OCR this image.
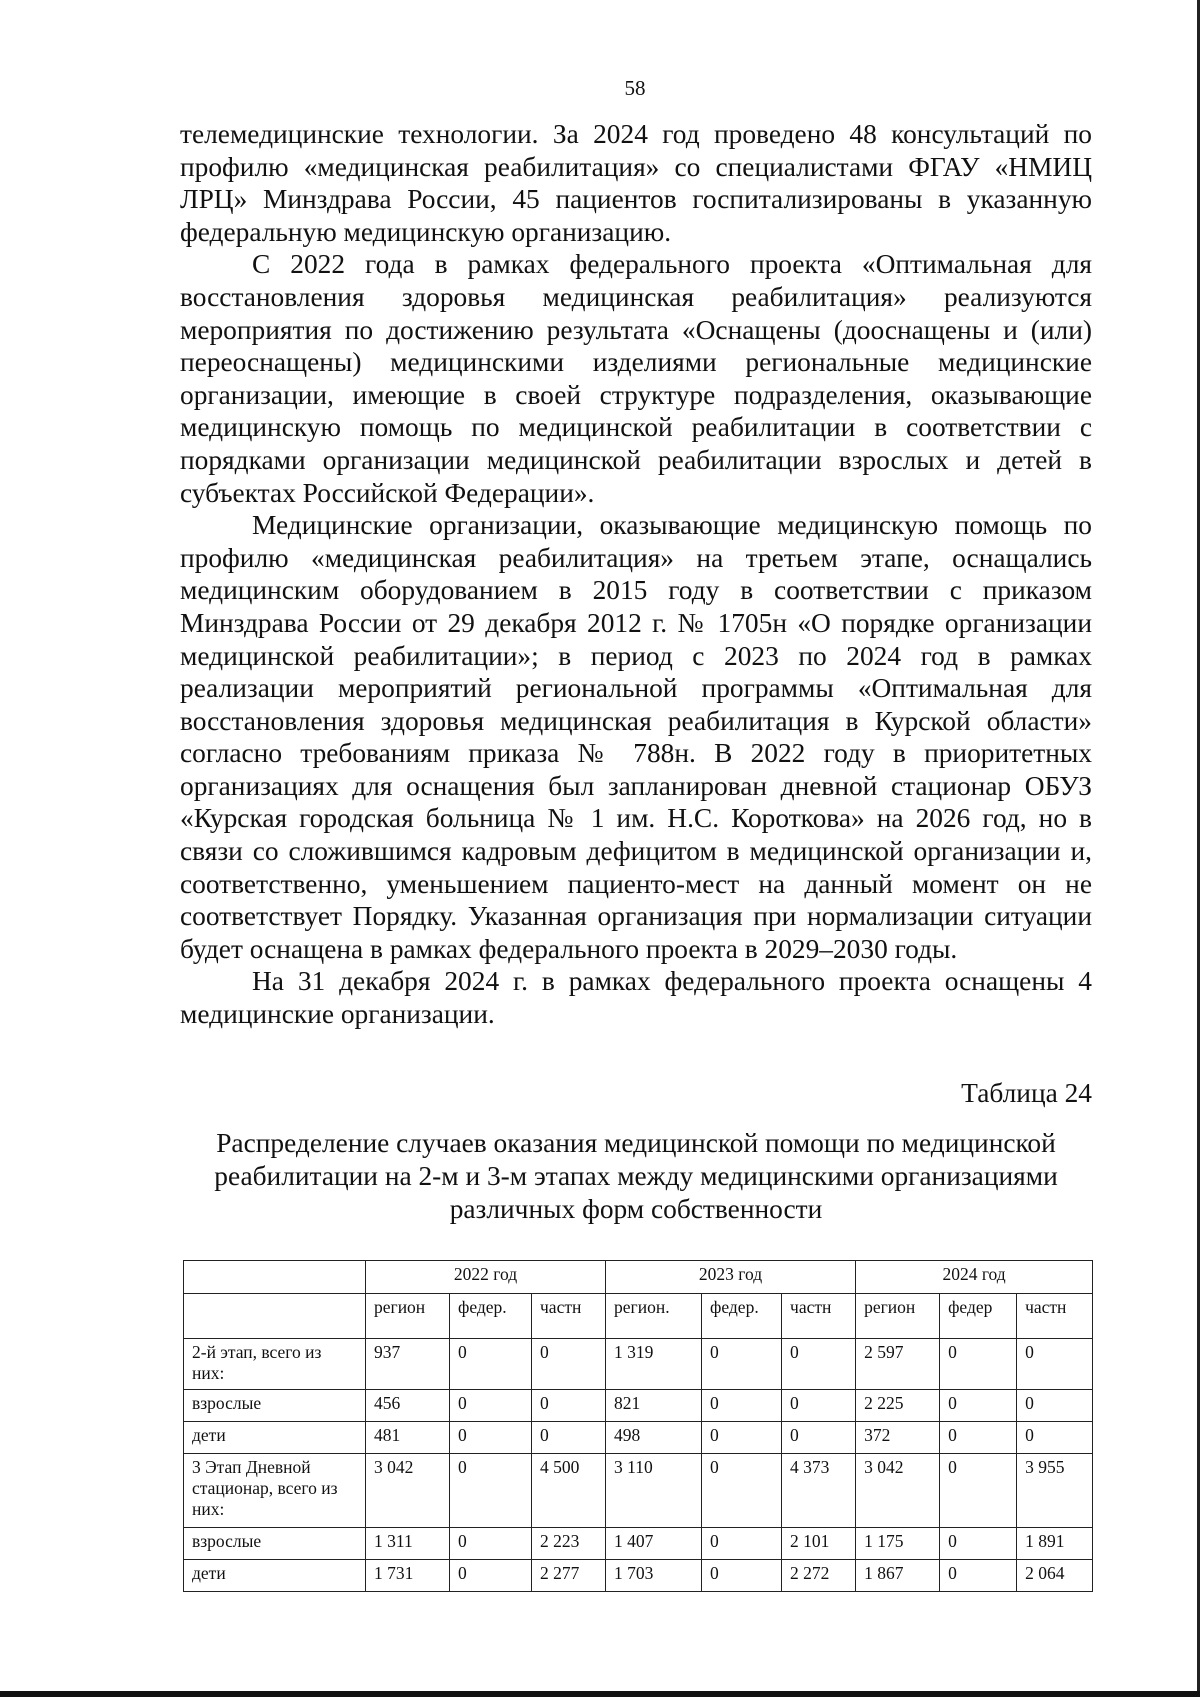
58

телемедицинские технологии. За 2024 год проведено 48 консультаций по профилю «медицинская реабилитация» со специалистами ФГАУ «НМИЦ ЛРЦ» Минздрава России, 45 пациентов госпитализированы в указанную федеральную медицинскую организацию.

С 2022 года в рамках федерального проекта «Оптимальная для восстановления здоровья медицинская реабилитация» реализуются мероприятия по достижению результата «Оснащены (дооснащены и (или) переоснащены) медицинскими изделиями региональные медицинские организации, имеющие в своей структуре подразделения, оказывающие медицинскую помощь по медицинской реабилитации в соответствии с порядками организации медицинской реабилитации взрослых и детей в субъектах Российской Федерации».

Медицинские организации, оказывающие медицинскую помощь по профилю «медицинская реабилитация» на третьем этапе, оснащались медицинским оборудованием в 2015 году в соответствии с приказом Минздрава России от 29 декабря 2012 г. № 1705н «О порядке организации медицинской реабилитации»; в период с 2023 по 2024 год в рамках реализации мероприятий региональной программы «Оптимальная для восстановления здоровья медицинская реабилитация в Курской области» согласно требованиям приказа № 788н. В 2022 году в приоритетных организациях для оснащения был запланирован дневной стационар ОБУЗ «Курская городская больница № 1 им. Н.С. Короткова» на 2026 год, но в связи со сложившимся кадровым дефицитом в медицинской организации и, соответственно, уменьшением пациенто-мест на данный момент он не соответствует Порядку. Указанная организация при нормализации ситуации будет оснащена в рамках федерального проекта в 2029–2030 годы.

На 31 декабря 2024 г. в рамках федерального проекта оснащены 4 медицинские организации.

Таблица 24
Распределение случаев оказания медицинской помощи по медицинской
реабилитации на 2-м и 3-м этапах между медицинскими организациями
различных форм собственности
	2022 год			2023 год			2024 год		
	регион	федер.	частн	регион.	федер.	частн	регион	федер	частн
2-й этап, всего из них:	937	0	0	1 319	0	0	2 597	0	0
взрослые	456	0	0	821	0	0	2 225	0	0
дети	481	0	0	498	0	0	372	0	0
3 Этап Дневной стационар, всего из них:	3 042	0	4 500	3 110	0	4 373	3 042	0	3 955
взрослые	1 311	0	2 223	1 407	0	2 101	1 175	0	1 891
дети	1 731	0	2 277	1 703	0	2 272	1 867	0	2 064
